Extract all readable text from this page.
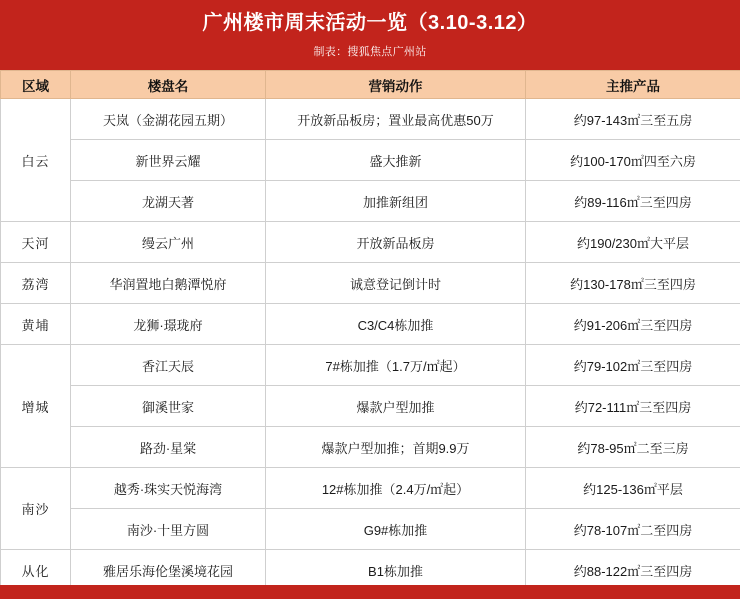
广州楼市周末活动一览（3.10-3.12）
制表：搜狐焦点广州站
区域	楼盘名	营销动作	主推产品
白云	天岚（金湖花园五期）	开放新品板房；置业最高优惠50万	约97-143㎡三至五房
	新世界云耀	盛大推新	约100-170㎡四至六房
	龙湖天著	加推新组团	约89-116㎡三至四房
天河	缦云广州	开放新品板房	约190/230㎡大平层
荔湾	华润置地白鹅潭悦府	诚意登记倒计时	约130-178㎡三至四房
黄埔	龙狮·璟珑府	C3/C4栋加推	约91-206㎡三至四房
增城	香江天辰	7#栋加推（1.7万/㎡起）	约79-102㎡三至四房
	御溪世家	爆款户型加推	约72-111㎡三至四房
	路劲·星棠	爆款户型加推；首期9.9万	约78-95㎡二至三房
南沙	越秀·珠实天悦海湾	12#栋加推（2.4万/㎡起）	约125-136㎡平层
	南沙·十里方圆	G9#栋加推	约78-107㎡二至四房
从化	雅居乐海伦堡溪境花园	B1栋加推	约88-122㎡三至四房
